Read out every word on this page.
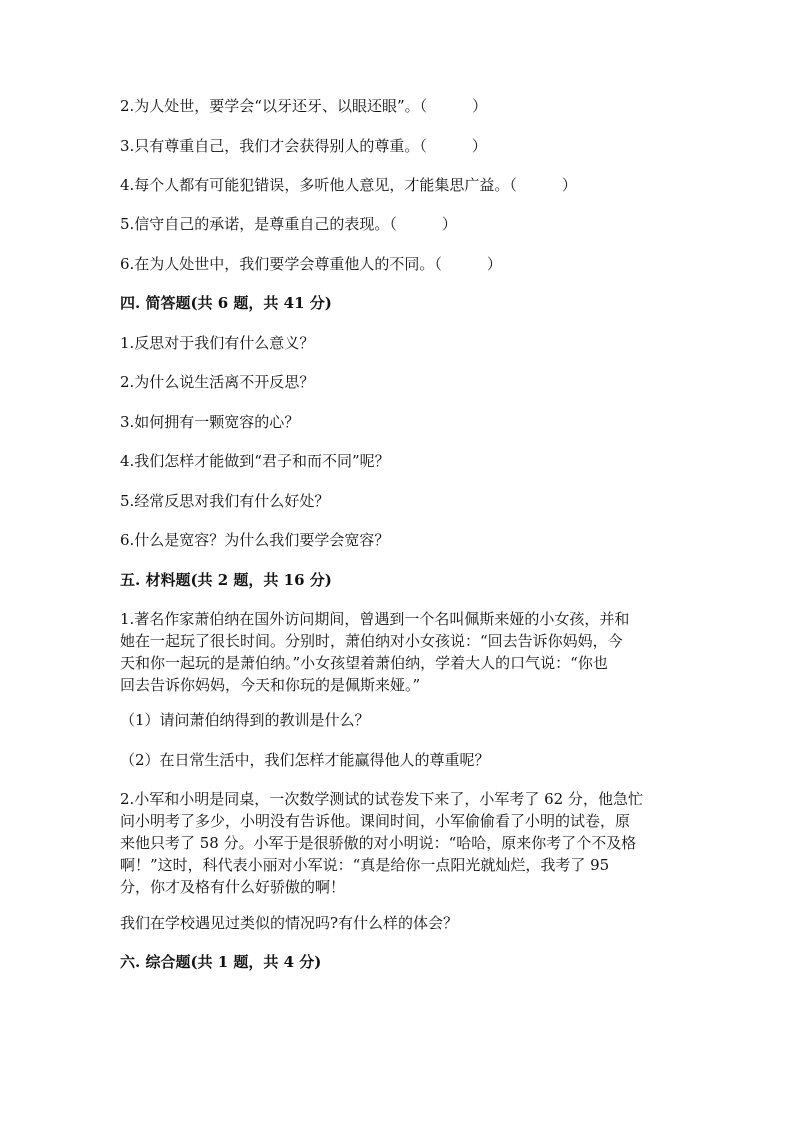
2.为人处世，要学会“以牙还牙、以眼还眼”。（　　　）
3.只有尊重自己，我们才会获得别人的尊重。（　　　）
4.每个人都有可能犯错误，多听他人意见，才能集思广益。（　　　）
5.信守自己的承诺，是尊重自己的表现。（　　　）
6.在为人处世中，我们要学会尊重他人的不同。（　　　）
四. 简答题(共 6 题，共 41 分)
1.反思对于我们有什么意义？
2.为什么说生活离不开反思？
3.如何拥有一颗宽容的心？
4.我们怎样才能做到“君子和而不同”呢？
5.经常反思对我们有什么好处？
6.什么是宽容？为什么我们要学会宽容？
五. 材料题(共 2 题，共 16 分)
1.著名作家萧伯纳在国外访问期间，曾遇到一个名叫佩斯来娅的小女孩，并和
她在一起玩了很长时间。分别时，萧伯纳对小女孩说：“回去告诉你妈妈，今
天和你一起玩的是萧伯纳。”小女孩望着萧伯纳，学着大人的口气说：“你也
回去告诉你妈妈，今天和你玩的是佩斯来娅。”
（1）请问萧伯纳得到的教训是什么？
（2）在日常生活中，我们怎样才能赢得他人的尊重呢？
2.小军和小明是同桌，一次数学测试的试卷发下来了，小军考了 62 分，他急忙
问小明考了多少，小明没有告诉他。课间时间，小军偷偷看了小明的试卷，原
来他只考了 58 分。小军于是很骄傲的对小明说：“哈哈，原来你考了个不及格
啊！”这时，科代表小丽对小军说：“真是给你一点阳光就灿烂，我考了 95
分，你才及格有什么好骄傲的啊！
我们在学校遇见过类似的情况吗?有什么样的体会？
六. 综合题(共 1 题，共 4 分)
